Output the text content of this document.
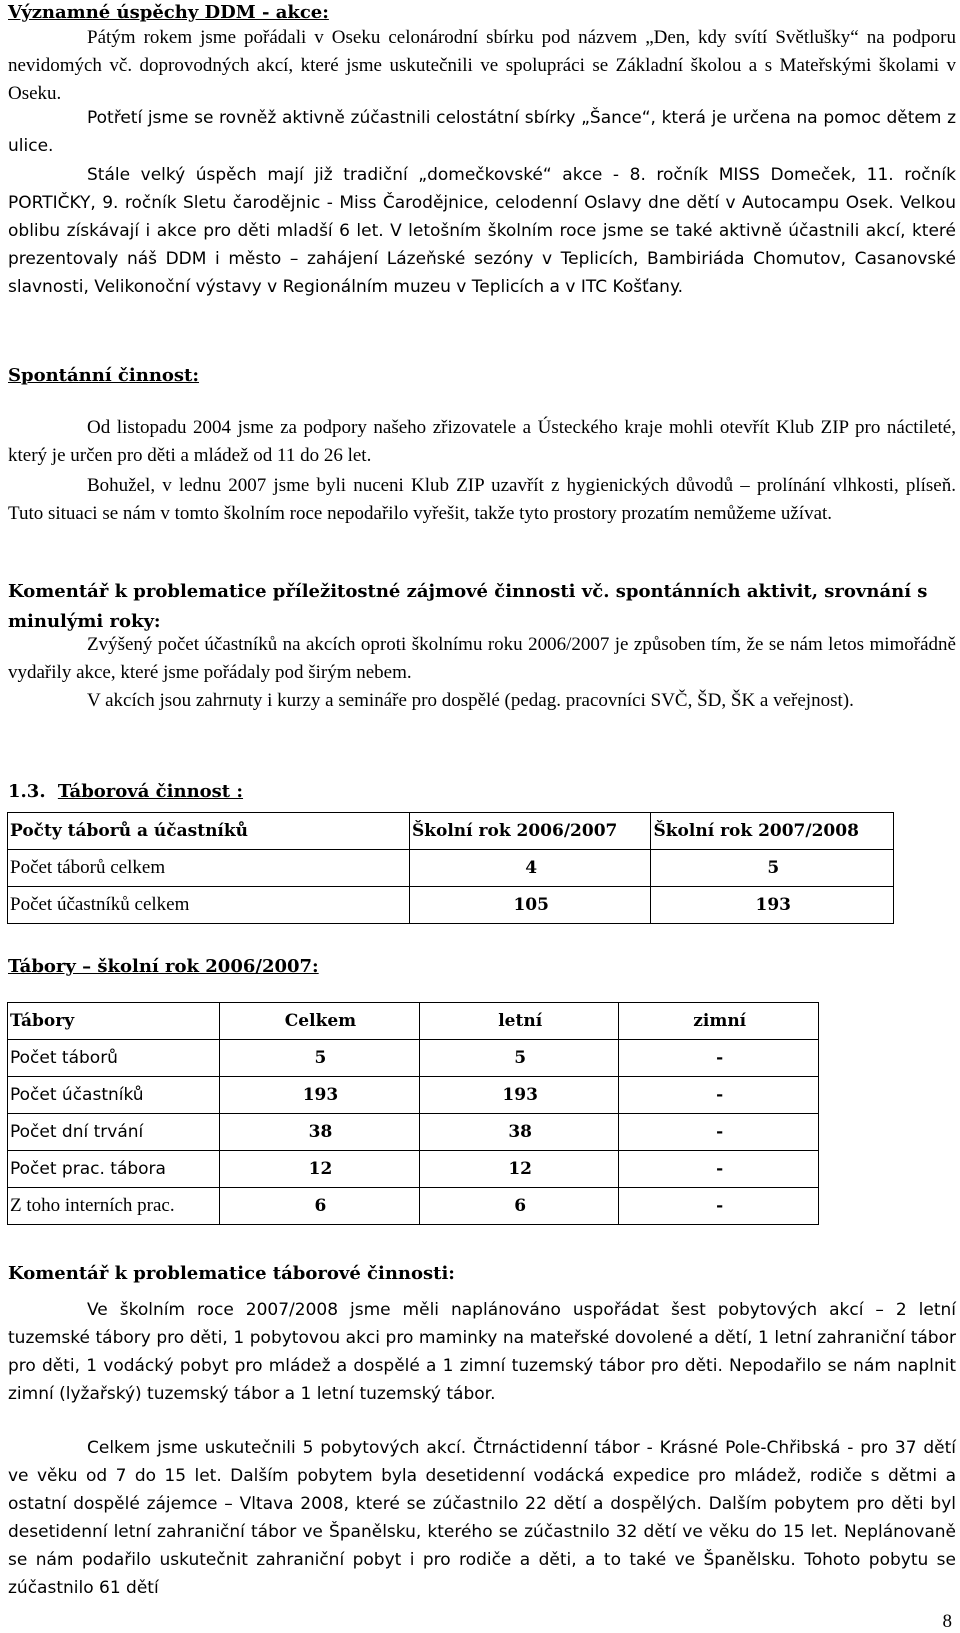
Významné úspěchy DDM - akce:
Pátým rokem jsme pořádali v Oseku celonárodní sbírku pod názvem „Den, kdy svítí Světlušky“ na podporu nevidomých vč. doprovodných akcí, které jsme uskutečnili ve spolupráci se Základní školou a s Mateřskými školami v Oseku.
Potřetí jsme se rovněž aktivně zúčastnili celostátní sbírky „Šance“, která je určena na pomoc dětem z ulice.
Stále velký úspěch mají již tradiční „domečkovské“ akce - 8. ročník MISS Domeček, 11. ročník PORTIČKY, 9. ročník Sletu čarodějnic - Miss Čarodějnice, celodenní Oslavy dne dětí v Autocampu Osek. Velkou oblibu získávají i akce pro děti mladší 6 let. V letošním školním roce jsme se také aktivně účastnili akcí, které prezentovaly náš DDM i město – zahájení Lázeňské sezóny v Teplicích, Bambiriáda Chomutov, Casanovské slavnosti, Velikonoční výstavy v Regionálním muzeu v Teplicích a v ITC Košťany.
Spontánní činnost:
Od listopadu 2004 jsme za podpory našeho zřizovatele a Ústeckého kraje mohli otevřít Klub ZIP pro náctileté, který je určen pro děti a mládež od 11 do 26 let.
Bohužel, v lednu 2007 jsme byli nuceni Klub ZIP uzavřít z hygienických důvodů – prolínání vlhkosti, plíseň. Tuto situaci se nám v tomto školním roce nepodařilo vyřešit, takže tyto prostory prozatím nemůžeme užívat.
Komentář k problematice příležitostné zájmové činnosti vč. spontánních aktivit, srovnání s minulými roky:
Zvýšený počet účastníků na akcích oproti školnímu roku 2006/2007 je způsoben tím, že se nám letos mimořádně vydařily akce, které jsme pořádaly pod širým nebem.
V akcích jsou zahrnuty i kurzy a semináře pro dospělé (pedag. pracovníci SVČ, ŠD, ŠK a veřejnost).
1.3. Táborová činnost :
Počty táborů a účastníků	Školní rok 2006/2007	Školní rok 2007/2008
Počet táborů celkem	4	5
Počet účastníků celkem	105	193
Tábory – školní rok 2006/2007:
Tábory	Celkem	letní	zimní
Počet táborů	5	5	-
Počet účastníků	193	193	-
Počet dní trvání	38	38	-
Počet prac. tábora	12	12	-
Z toho interních prac.	6	6	-
Komentář k problematice táborové činnosti:
Ve školním roce 2007/2008 jsme měli naplánováno uspořádat šest pobytových akcí – 2 letní tuzemské tábory pro děti, 1 pobytovou akci pro maminky na mateřské dovolené a dětí, 1 letní zahraniční tábor pro děti, 1 vodácký pobyt pro mládež a dospělé a 1 zimní tuzemský tábor pro děti. Nepodařilo se nám naplnit zimní (lyžařský) tuzemský tábor a 1 letní tuzemský tábor.
Celkem jsme uskutečnili 5 pobytových akcí. Čtrnáctidenní tábor - Krásné Pole-Chřibská - pro 37 dětí ve věku od 7 do 15 let. Dalším pobytem byla desetidenní vodácká expedice pro mládež, rodiče s dětmi a ostatní dospělé zájemce – Vltava 2008, které se zúčastnilo 22 dětí a dospělých. Dalším pobytem pro děti byl desetidenní letní zahraniční tábor ve Španělsku, kterého se zúčastnilo 32 dětí ve věku do 15 let. Neplánovaně se nám podařilo uskutečnit zahraniční pobyt i pro rodiče a děti, a to také ve Španělsku. Tohoto pobytu se zúčastnilo 61 dětí
8
